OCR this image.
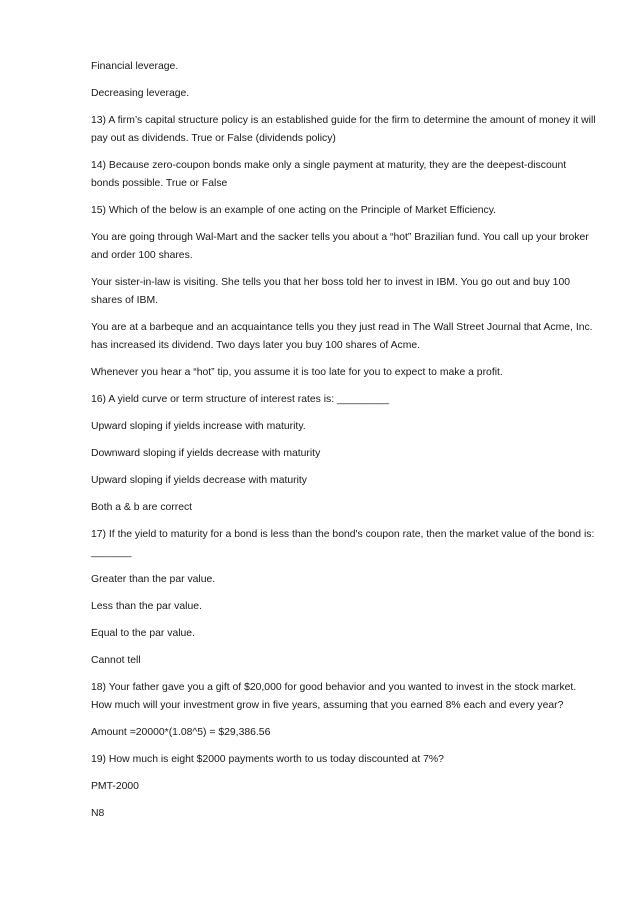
Financial leverage.

Decreasing leverage.

13) A firm’s capital structure policy is an established guide for the firm to determine the amount of money it will pay out as dividends. True or False (dividends policy)

14) Because zero-coupon bonds make only a single payment at maturity, they are the deepest-discount bonds possible. True or False

15) Which of the below is an example of one acting on the Principle of Market Efficiency.

You are going through Wal-Mart and the sacker tells you about a “hot” Brazilian fund. You call up your broker and order 100 shares.

Your sister-in-law is visiting. She tells you that her boss told her to invest in IBM. You go out and buy 100 shares of IBM.

You are at a barbeque and an acquaintance tells you they just read in The Wall Street Journal that Acme, Inc. has increased its dividend. Two days later you buy 100 shares of Acme.

Whenever you hear a “hot” tip, you assume it is too late for you to expect to make a profit.

16) A yield curve or term structure of interest rates is: _________

Upward sloping if yields increase with maturity.

Downward sloping if yields decrease with maturity

Upward sloping if yields decrease with maturity

Both a & b are correct

17) If the yield to maturity for a bond is less than the bond's coupon rate, then the market value of the bond is: _______

Greater than the par value.

Less than the par value.

Equal to the par value.

Cannot tell

18) Your father gave you a gift of $20,000 for good behavior and you wanted to invest in the stock market. How much will your investment grow in five years, assuming that you earned 8% each and every year?

Amount =20000*(1.08^5) = $29,386.56

19) How much is eight $2000 payments worth to us today discounted at 7%?

PMT-2000

N8
